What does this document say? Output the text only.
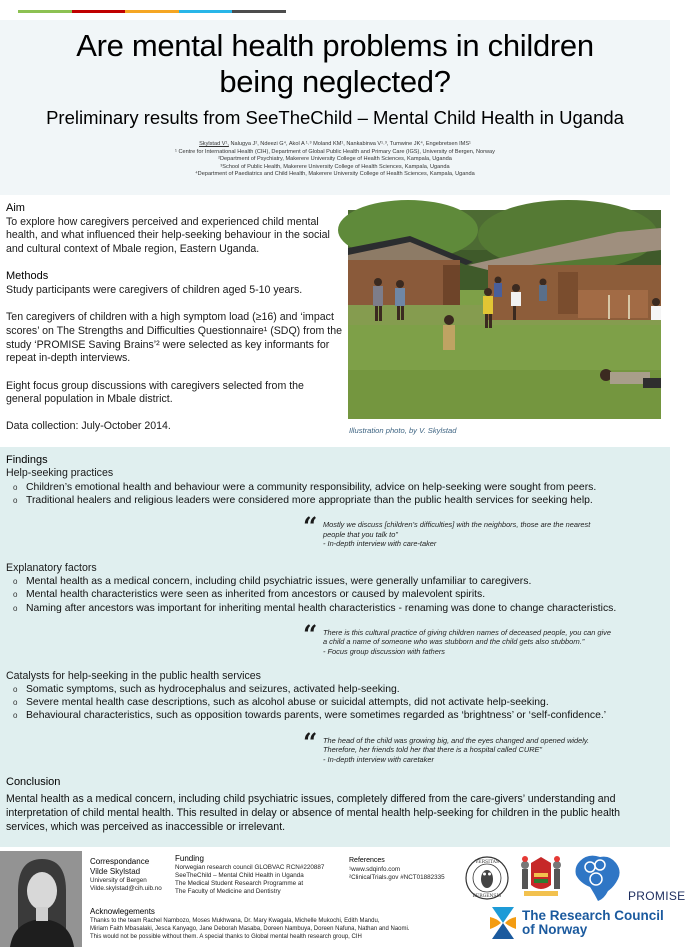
Are mental health problems in children
being neglected?
Preliminary results from SeeTheChild – Mental Child Health in Uganda
Skylstad V¹, Nalugya J², Ndeezi G⁴, Akol A ¹˒³ Moland KM¹, Nankabirwa V¹˒³, Tumwine JK⁴, Engebretsen IMS¹
¹ Centre for International Health (CIH), Department of Global Public Health and Primary Care (IGS), University of Bergen, Norway
²Department of Psychiatry, Makerere University College of Health Sciences, Kampala, Uganda
³School of Public Health, Makerere University College of Health Sciences, Kampala, Uganda
⁴Department of Paediatrics and Child Health, Makerere University College of Health Sciences, Kampala, Uganda
Aim

To explore how caregivers perceived and experienced child mental health, and what influenced their help-seeking behaviour in the social and cultural context of Mbale region, Eastern Uganda.

Methods

Study participants were caregivers of children aged 5-10 years.

Ten caregivers of children with a high symptom load (≥16) and ‘impact scores’ on The Strengths and Difficulties Questionnaire¹ (SDQ) from the study ‘PROMISE Saving Brains’² were selected as key informants for repeat in-depth interviews.

Eight focus group discussions with caregivers selected from the general population in Mbale district.

Data collection: July-October 2014.	Illustration photo, by V. Skylstad
Findings
Help-seeking practices
o Children’s emotional health and behaviour were a community responsibility, advice on help-seeking were sought from peers.
o Traditional healers and religious leaders were considered more appropriate than the public health services for seeking help.
“ Mostly we discuss [children’s difficulties] with the neighbors, those are the nearest
people that you talk to”
- In-depth interview with care-taker
Explanatory factors
o Mental health as a medical concern, including child psychiatric issues, were generally unfamiliar to caregivers.
o Mental health characteristics were seen as inherited from ancestors or caused by malevolent spirits.
o Naming after ancestors was important for inheriting mental health characteristics - renaming was done to change characteristics.
“ There is this cultural practice of giving children names of deceased people, you can give
a child a name of someone who was stubborn and the child gets also stubborn.”
- Focus group discussion with fathers
Catalysts for help-seeking in the public health services
o Somatic symptoms, such as hydrocephalus and seizures, activated help-seeking.
o Severe mental health case descriptions, such as alcohol abuse or suicidal attempts, did not activate help-seeking.
o Behavioural characteristics, such as opposition towards parents, were sometimes regarded as ‘brightness’ or ‘self-confidence.’
“ The head of the child was growing big, and the eyes changed and opened widely.
Therefore, her friends told her that there is a hospital called CURE”
- In-depth interview with caretaker
Conclusion
Mental health as a medical concern, including child psychiatric issues, completely differed from the care-givers’ understanding and interpretation of child mental health. This resulted in delay or absence of mental health help-seeking for children in the public health services, which was perceived as inaccessible or irrelevant.
Correspondance
Vilde Skylstad
University of Bergen
Vilde.skylstad@cih.uib.no
Funding
Norwegian research council GLOBVAC RCN#220887
SeeTheChild – Mental Child Health in Uganda
The Medical Student Research Programme at
The Faculty of Medicine and Dentistry
References
¹www.sdqinfo.com
²ClinicalTrials.gov #NCT01882335
Acknowlegements
Thanks to the team Rachel Nambozo, Moses Mukhwana, Dr. Mary Kwagala, Michelle Mukochi, Edith Mandu,
Miriam Faith Mbasalaki, Jesca Kanyago, Jane Deborah Masaba, Doreen Nambuya, Doreen Nafuna, Nathan and Naomi.
This would not be possible without them. A special thanks to Global mental health research group, CIH
VERSITAS
BERGENSIS	PROMISE
The Research Council
of Norway
